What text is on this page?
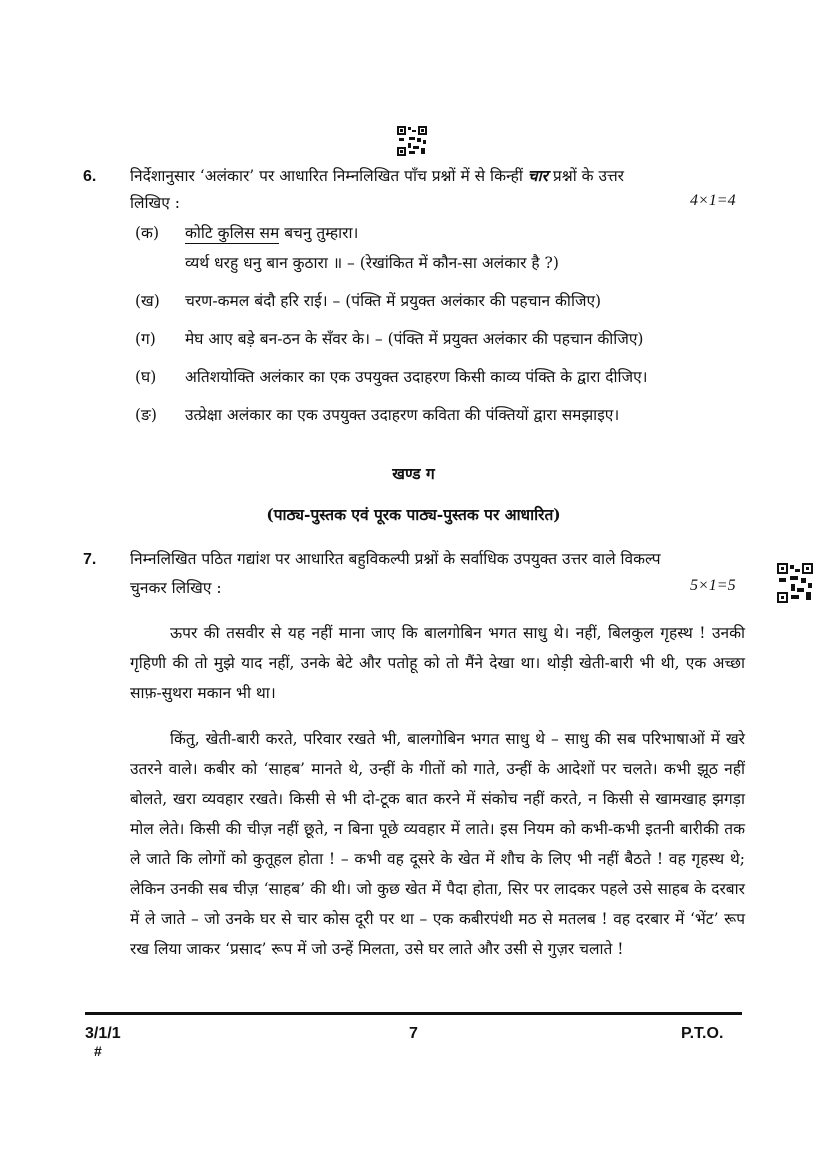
6. निर्देशानुसार ‘अलंकार’ पर आधारित निम्नलिखित पाँच प्रश्नों में से किन्हीं चार प्रश्नों के उत्तर
लिखिए :	4×1=4
(क) कोटि कुलिस सम बचनु तुम्हारा।
व्यर्थ धरहु धनु बान कुठारा ॥ – (रेखांकित में कौन-सा अलंकार है ?)
(ख) चरण-कमल बंदौ हरि राई। – (पंक्ति में प्रयुक्त अलंकार की पहचान कीजिए)
(ग) मेघ आए बड़े बन-ठन के सँवर के। – (पंक्ति में प्रयुक्त अलंकार की पहचान कीजिए)
(घ) अतिशयोक्ति अलंकार का एक उपयुक्त उदाहरण किसी काव्य पंक्ति के द्वारा दीजिए।
(ङ) उत्प्रेक्षा अलंकार का एक उपयुक्त उदाहरण कविता की पंक्तियों द्वारा समझाइए।
खण्ड ग
(पाठ्य-पुस्तक एवं पूरक पाठ्य-पुस्तक पर आधारित)
7. निम्नलिखित पठित गद्यांश पर आधारित बहुविकल्पी प्रश्नों के सर्वाधिक उपयुक्त उत्तर वाले विकल्प
चुनकर लिखिए :	5×1=5

ऊपर की तसवीर से यह नहीं माना जाए कि बालगोबिन भगत साधु थे। नहीं, बिलकुल गृहस्थ ! उनकी गृहिणी की तो मुझे याद नहीं, उनके बेटे और पतोहू को तो मैंने देखा था। थोड़ी खेती-बारी भी थी, एक अच्छा साफ़-सुथरा मकान भी था।

किंतु, खेती-बारी करते, परिवार रखते भी, बालगोबिन भगत साधु थे – साधु की सब परिभाषाओं में खरे उतरने वाले। कबीर को ‘साहब’ मानते थे, उन्हीं के गीतों को गाते, उन्हीं के आदेशों पर चलते। कभी झूठ नहीं बोलते, खरा व्यवहार रखते। किसी से भी दो-टूक बात करने में संकोच नहीं करते, न किसी से खामखाह झगड़ा मोल लेते। किसी की चीज़ नहीं छूते, न बिना पूछे व्यवहार में लाते। इस नियम को कभी-कभी इतनी बारीकी तक ले जाते कि लोगों को कुतूहल होता ! – कभी वह दूसरे के खेत में शौच के लिए भी नहीं बैठते ! वह गृहस्थ थे; लेकिन उनकी सब चीज़ ‘साहब’ की थी। जो कुछ खेत में पैदा होता, सिर पर लादकर पहले उसे साहब के दरबार में ले जाते – जो उनके घर से चार कोस दूरी पर था – एक कबीरपंथी मठ से मतलब ! वह दरबार में ‘भेंट’ रूप रख लिया जाकर ‘प्रसाद’ रूप में जो उन्हें मिलता, उसे घर लाते और उसी से गुज़र चलाते !

3/1/1
#
7	P.T.O.
